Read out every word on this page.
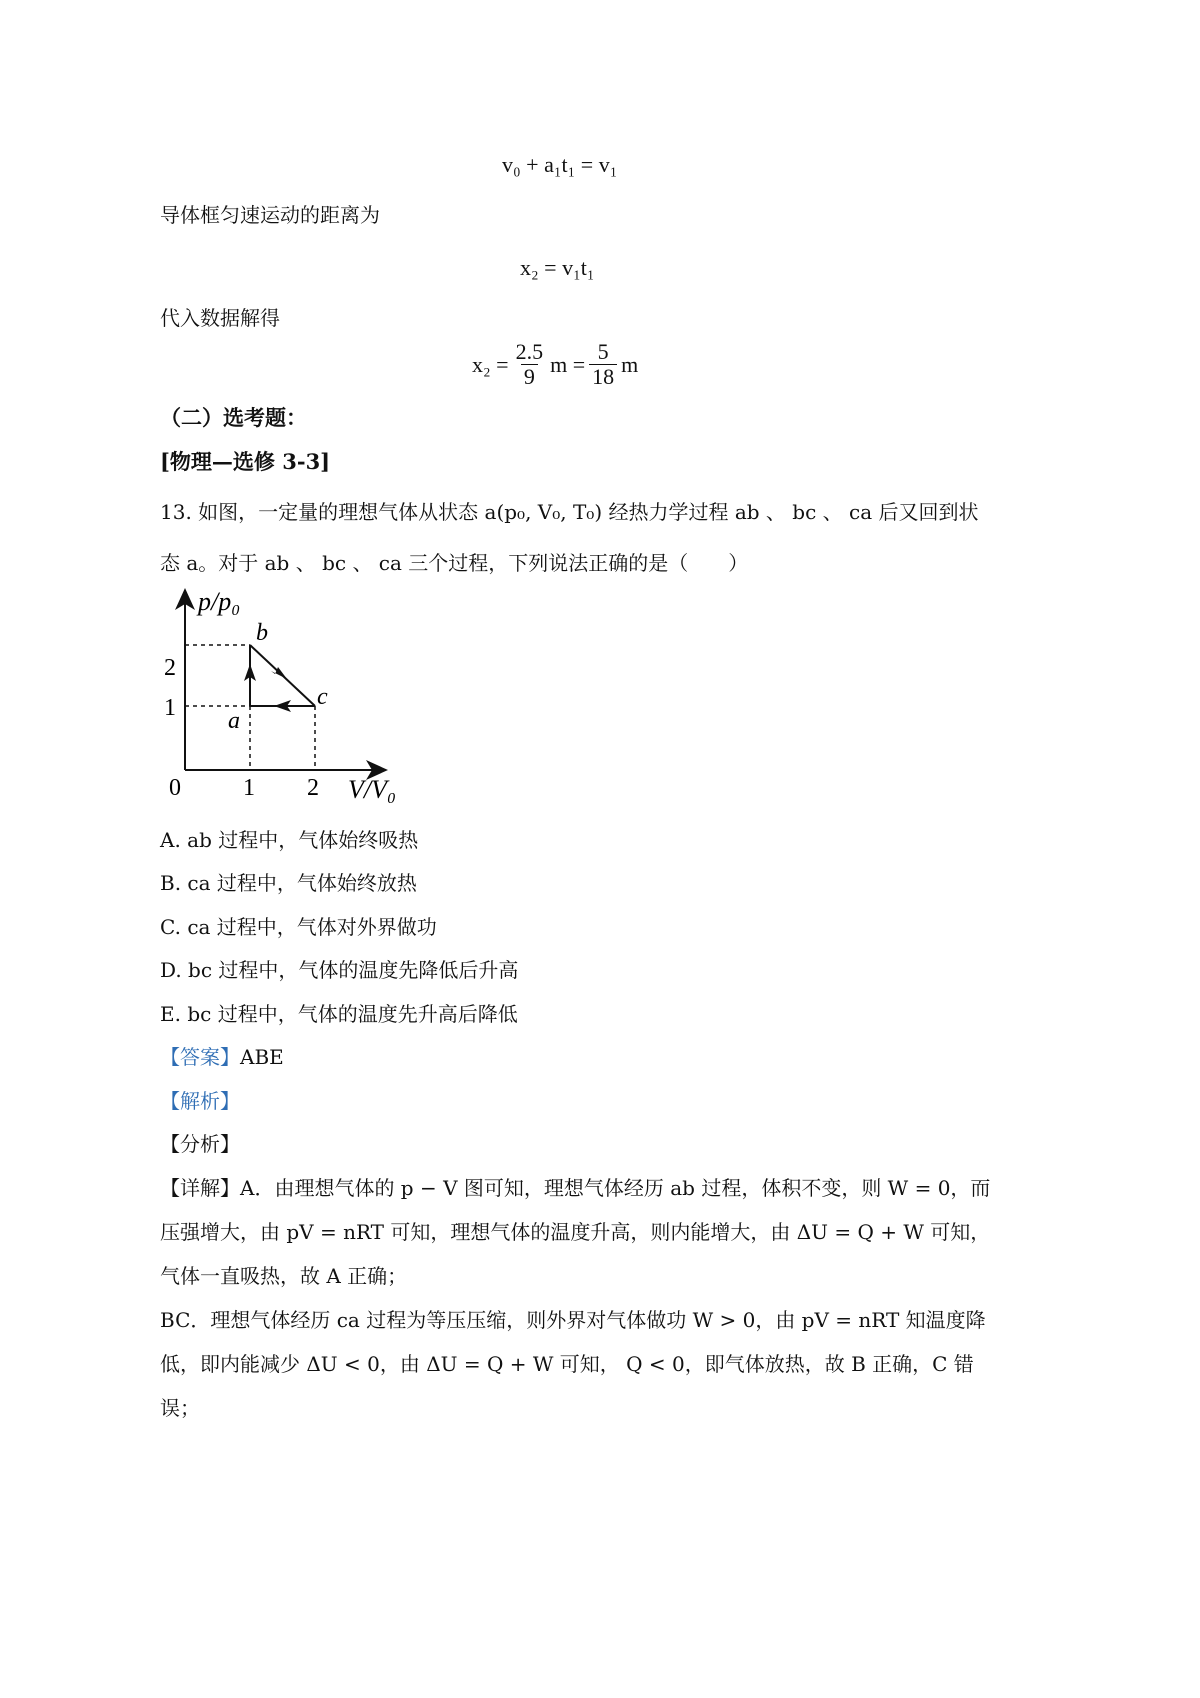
v₀ + a₁t₁ = v₁
导体框匀速运动的距离为
x₂ = v₁t₁
代入数据解得
$x_2 = \frac{2.5}{9}$ $m = \frac{5}{18}$ m
（二）选考题：
[物理—选修 3-3]
13. 如图，一定量的理想气体从状态 a(p₀, V₀, T₀) 经热力学过程 ab 、 bc 、 ca 后又回到状
态 a。对于 ab 、 bc 、 ca 三个过程，下列说法正确的是（　　）
p/p₀
V/V₀
0	1 2
1
2
a
b
c
A. ab 过程中，气体始终吸热
B. ca 过程中，气体始终放热
C. ca 过程中，气体对外界做功
D. bc 过程中，气体的温度先降低后升高
E. bc 过程中，气体的温度先升高后降低
【答案】ABE
【解析】
【分析】
【详解】A．由理想气体的 p − V 图可知，理想气体经历 ab 过程，体积不变，则 W = 0，而
压强增大，由 pV = nRT 可知，理想气体的温度升高，则内能增大，由 ΔU = Q + W 可知，
气体一直吸热，故 A 正确；
BC．理想气体经历 ca 过程为等压压缩，则外界对气体做功 W > 0，由 pV = nRT 知温度降
低，即内能减少 ΔU < 0，由 ΔU = Q + W 可知， Q < 0，即气体放热，故 B 正确，C 错
误；
